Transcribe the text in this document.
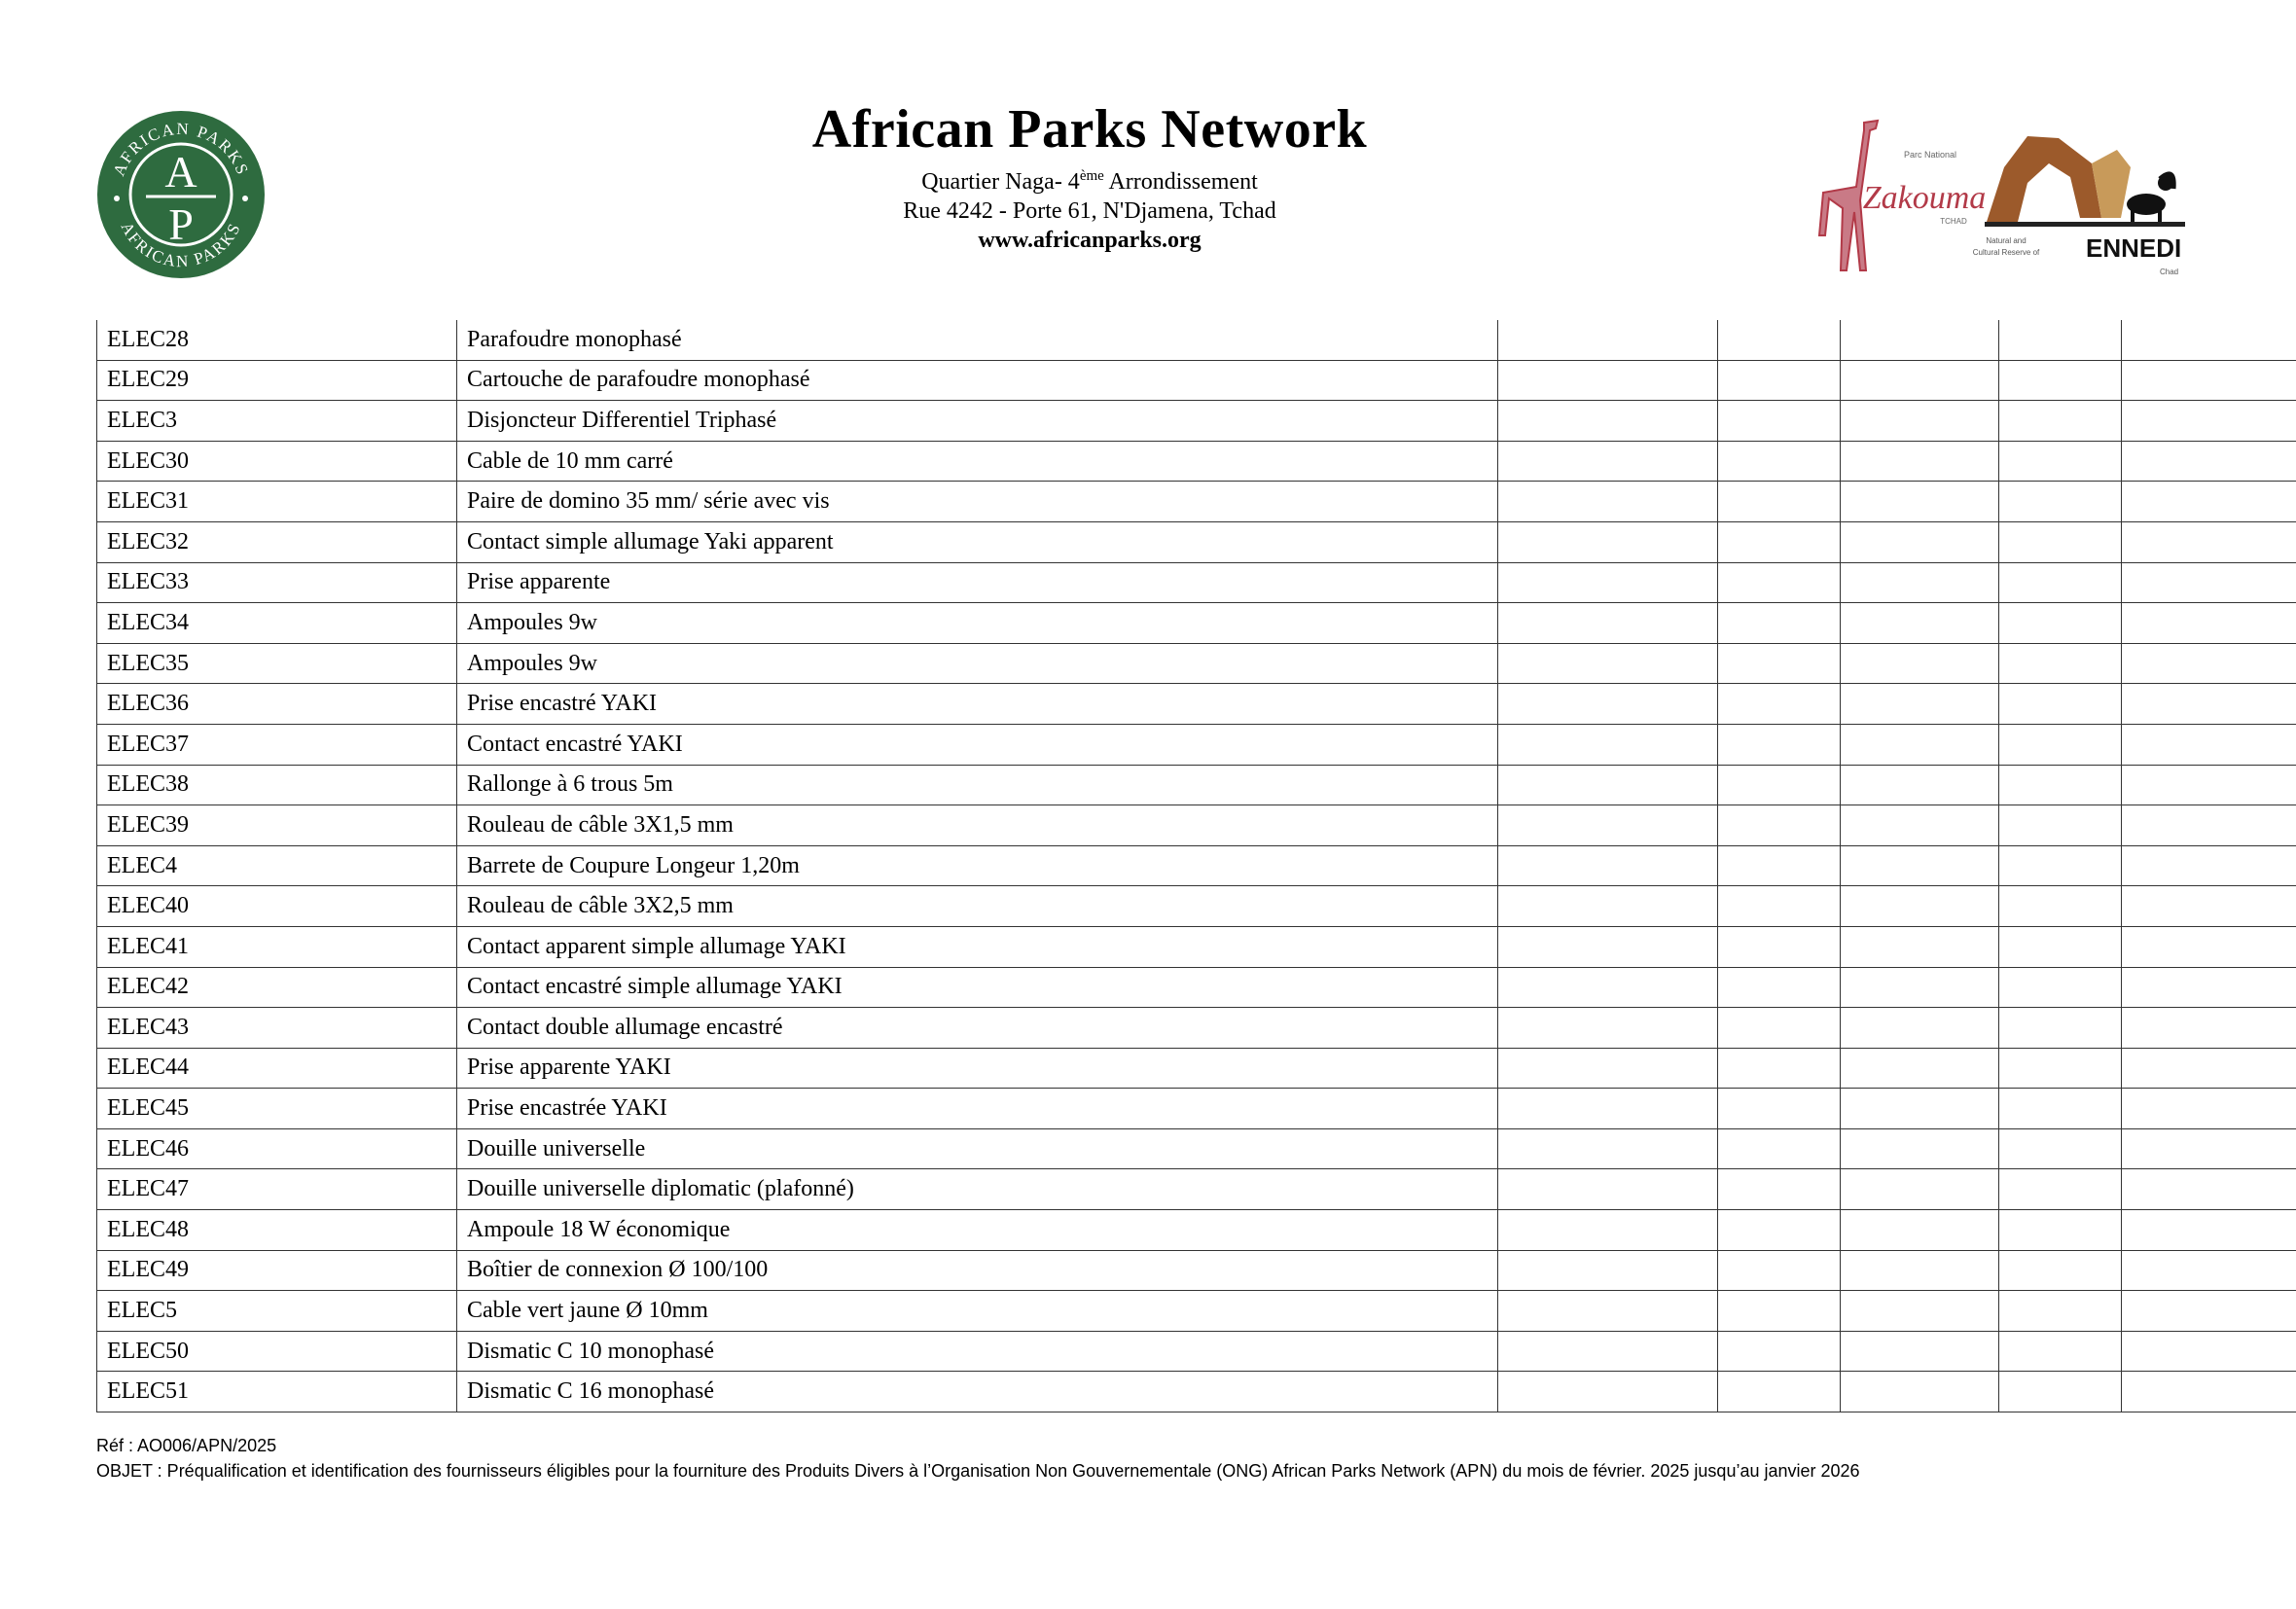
AFRICAN PARKS
AFRICAN PARKS
A
P
African Parks Network
Quartier Naga- 4ème Arrondissement
Rue 4242 - Porte 61, N'Djamena, Tchad
www.africanparks.org
Parc National
Zakouma
TCHAD
Natural and
Cultural Reserve of ENNEDI
Chad
ELEC28	Parafoudre monophasé					
ELEC29	Cartouche de parafoudre monophasé					
ELEC3	Disjoncteur Differentiel Triphasé					
ELEC30	Cable de 10 mm carré					
ELEC31	Paire de domino 35 mm/ série avec vis					
ELEC32	Contact simple allumage Yaki apparent					
ELEC33	Prise apparente					
ELEC34	Ampoules 9w					
ELEC35	Ampoules 9w					
ELEC36	Prise encastré YAKI					
ELEC37	Contact encastré YAKI					
ELEC38	Rallonge à 6 trous 5m					
ELEC39	Rouleau de câble 3X1,5 mm					
ELEC4	Barrete de Coupure Longeur 1,20m					
ELEC40	Rouleau de câble 3X2,5 mm					
ELEC41	Contact apparent simple allumage YAKI					
ELEC42	Contact encastré simple allumage YAKI					
ELEC43	Contact double allumage encastré					
ELEC44	Prise apparente YAKI					
ELEC45	Prise encastrée YAKI					
ELEC46	Douille universelle					
ELEC47	Douille universelle diplomatic (plafonné)					
ELEC48	Ampoule 18 W économique					
ELEC49	Boîtier de connexion Ø 100/100					
ELEC5	Cable vert jaune Ø 10mm					
ELEC50	Dismatic C 10 monophasé					
ELEC51	Dismatic C 16 monophasé					
Réf : AO006/APN/2025
OBJET : Préqualification et identification des fournisseurs éligibles pour la fourniture des Produits Divers à l’Organisation Non Gouvernementale (ONG) African Parks Network (APN) du mois de février. 2025 jusqu’au janvier 2026
